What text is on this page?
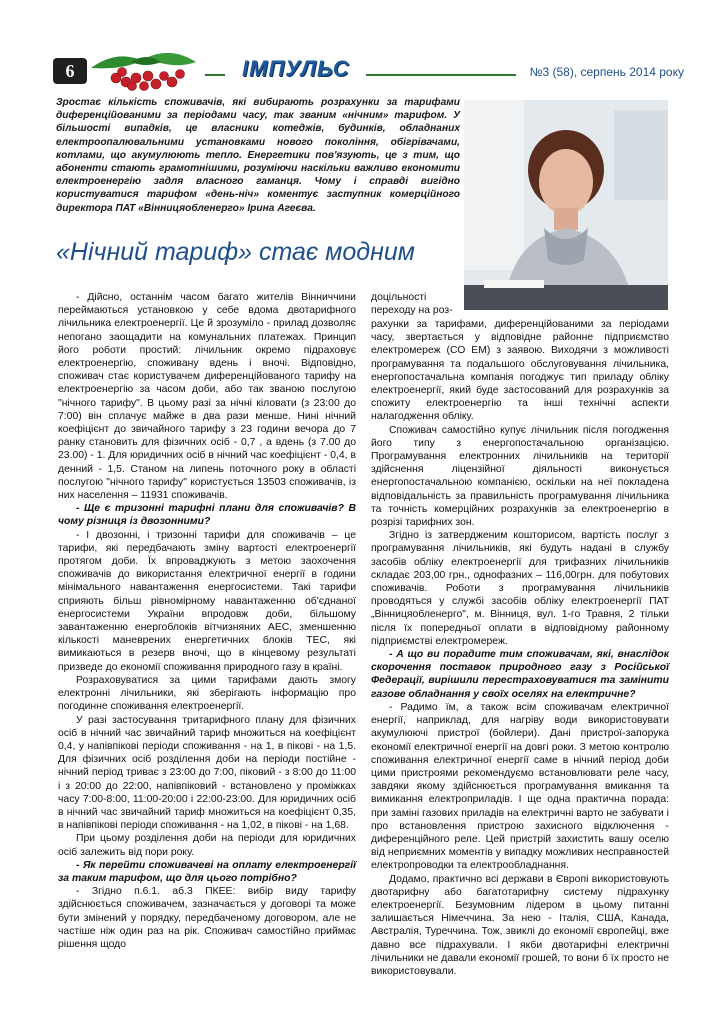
6	ІМПУЛЬС	№3 (58), серпень 2014 року
Зростає кількість споживачів, які вибирають розрахунки за тарифами диференційованими за періодами часу, так званим «нічним» тарифом. У більшості випадків, це власники котеджів, будинків, обладнаних електроопалювальними установками нового покоління, обігрівачами, котлами, що акумулюють тепло. Енергетики пов'язують, це з тим, що абоненти стають грамотнішими, розуміючи наскільки важливо економити електроенергію задля власного гаманця. Чому і справді вигідно користуватися тарифом «день-ніч» коментує заступник комерційного директора ПАТ «Вінницяобленерго» Ірина Агеєва.
«Нічний тариф» стає модним

- Дійсно, останнім часом багато жителів Вінниччини переймаються установкою у себе вдома двотарифного лічильника електроенергії. Це й зрозуміло - прилад дозволяє непогано заощадити на комунальних платежах. Принцип його роботи простий: лічильник окремо підраховує електроенергію, споживану вдень і вночі. Відповідно, споживач стає користувачем диференційованого тарифу на електроенергію за часом доби, або так званою послугою "нічного тарифу". В цьому разі за нічні кіловати (з 23:00 до 7:00) він сплачує майже в два рази менше. Нині нічний коефіцієнт до звичайного тарифу з 23 години вечора до 7 ранку становить для фізичних осіб - 0,7 , а вдень (з 7.00 до 23.00) - 1. Для юридичних осіб в нічний час коефіцієнт - 0,4, в денний - 1,5. Станом на липень поточного року в області послугою "нічного тарифу" користується 13503 споживачів, із них населення – 11931 споживачів.

- Ще є тризонні тарифні плани для споживачів? В чому різниця із двозонними?

- І двозонні, і тризонні тарифи для споживачів – це тарифи, які передбачають зміну вартості електроенергії протягом доби. Їх впроваджують з метою заохочення споживачів до використання електричної енергії в години мінімального навантаження енергосистеми. Такі тарифи сприяють більш рівномірному навантаженню об'єднаної енергосистеми України впродовж доби, більшому завантаженню енергоблоків вітчизняних АЕС, зменшенню кількості маневрених енергетичних блоків ТЕС, які вимикаються в резерв вночі, що в кінцевому результаті призведе до економії споживання природного газу в країні.

Розраховуватися за цими тарифами дають змогу електронні лічильники, які зберігають інформацію про погодинне споживання електроенергії.

У разі застосування тритарифного плану для фізичних осіб в нічний час звичайний тариф множиться на коефіцієнт 0,4, у напівпікові періоди споживання - на 1, в пікові - на 1,5. Для фізичних осіб розділення доби на періоди постійне - нічний період триває з 23:00 до 7:00, піковий - з 8:00 до 11:00 і з 20:00 до 22:00, напівпіковий - встановлено у проміжках часу 7:00-8:00, 11:00-20:00 і 22:00-23:00. Для юридичних осіб в нічний час звичайний тариф множиться на коефіцієнт 0,35, в напівпікові періоди споживання - на 1,02, в пікові - на 1,68.

При цьому розділення доби на періоди для юридичних осіб залежить від пори року.

- Як перейти споживачеві на оплату електроенергії за таким тарифом, що для цього потрібно?

- Згідно п.6.1. аб.3 ПКЕЕ: вибір виду тарифу здійснюється споживачем, зазначається у договорі та може бути змінений у порядку, передбаченому договором, але не частіше ніж один раз на рік. Споживач самостійно приймає рішення щодо

доцільності переходу на роз-

рахунки за тарифами, диференційованими за періодами часу, звертається у відповідне районне підприємство електромереж (СО ЕМ) з заявою. Виходячи з можливості програмування та подальшого обслуговування лічильника, енергопостачальна компанія погоджує тип приладу обліку електроенергії, який буде застосований для розрахунків за спожиту електроенергію та інші технічні аспекти налагодження обліку.

Споживач самостійно купує лічильник після погодження його типу з енергопостачальною організацією. Програмування електронних лічильників на території здійснення ліцензійної діяльності виконується енергопостачальною компанією, оскільки на неї покладена відповідальність за правильність програмування лічильника та точність комерційних розрахунків за електроенергію в розрізі тарифних зон.

Згідно із затвердженим кошторисом, вартість послуг з програмування лічильників, які будуть надані в службу засобів обліку електроенергії для трифазних лічильників складає 203,00 грн., однофазних – 116,00грн. для побутових споживачів. Роботи з програмування лічильників проводяться у службі засобів обліку електроенергії ПАТ „Вінницяобленерго", м. Вінниця, вул. 1-го Травня, 2 тільки після їх попередньої оплати в відповідному районному підприємстві електромереж.

- А що ви порадите тим споживачам, які, внаслідок скорочення поставок природного газу з Російської Федерації, вирішили перестраховуватися та замінити газове обладнання у своїх оселях на електричне?

- Радимо їм, а також всім споживачам електричної енергії, наприклад, для нагріву води використовувати акумулюючі пристрої (бойлери). Дані пристрої-запорука економії електричної енергії на довгі роки. З метою контролю споживання електричної енергії саме в нічний період доби цими пристроями рекомендуємо встановлювати реле часу, завдяки якому здійснюється програмування вмикання та вимикання електроприладів. І ще одна практична порада: при заміні газових приладів на електричні варто не забувати і про встановлення пристрою захисного відключення - диференційного реле. Цей пристрій захистить вашу оселю від неприємних моментів у випадку можливих несправностей електропроводки та електрообладнання.

Додамо, практично всі держави в Європі використовують двотарифну або багатотарифну систему підрахунку електроенергії. Безумовним лідером в цьому питанні залишається Німеччина. За нею - Італія, США, Канада, Австралія, Туреччина. Тож, звиклі до економії європейці, вже давно все підрахували. І якби двотарифні електричні лічильники не давали економії грошей, то вони б їх просто не використовували.
